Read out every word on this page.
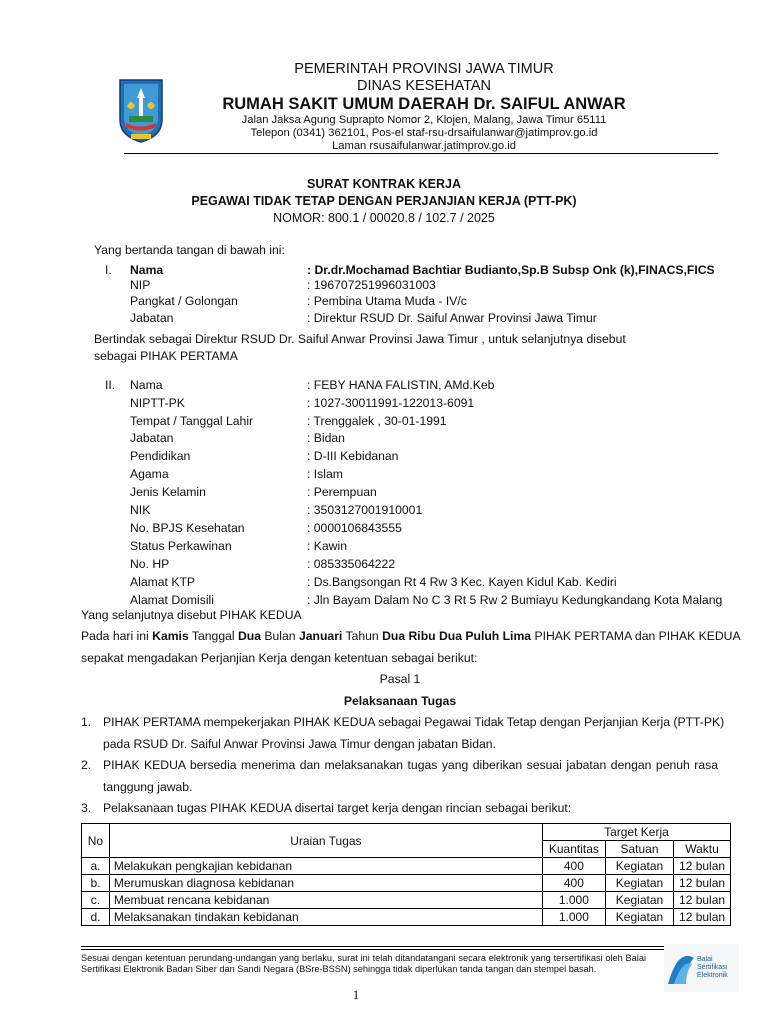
PEMERINTAH PROVINSI JAWA TIMUR
DINAS KESEHATAN
RUMAH SAKIT UMUM DAERAH Dr. SAIFUL ANWAR
Jalan Jaksa Agung Suprapto Nomor 2, Klojen, Malang, Jawa Timur 65111
Telepon (0341) 362101, Pos-el staf-rsu-drsaifulanwar@jatimprov.go.id
Laman rsusaifulanwar.jatimprov.go.id
SURAT KONTRAK KERJA
PEGAWAI TIDAK TETAP DENGAN PERJANJIAN KERJA (PTT-PK)
NOMOR: 800.1 / 00020.8 / 102.7 / 2025
Yang bertanda tangan di bawah ini:
I. Nama	: Dr.dr.Mochamad Bachtiar Budianto,Sp.B Subsp Onk (k),FINACS,FICS
NIP	: 196707251996031003
Pangkat / Golongan	: Pembina Utama Muda - IV/c
Jabatan	: Direktur RSUD Dr. Saiful Anwar Provinsi Jawa Timur
Bertindak sebagai Direktur RSUD Dr. Saiful Anwar Provinsi Jawa Timur , untuk selanjutnya disebut
sebagai PIHAK PERTAMA
II. Nama	: FEBY HANA FALISTIN, AMd.Keb
NIPTT-PK	: 1027-30011991-122013-6091
Tempat / Tanggal Lahir	: Trenggalek , 30-01-1991
Jabatan	: Bidan
Pendidikan	: D-III Kebidanan
Agama	: Islam
Jenis Kelamin	: Perempuan
NIK	: 3503127001910001
No. BPJS Kesehatan	: 0000106843555
Status Perkawinan	: Kawin
No. HP	: 085335064222
Alamat KTP	: Ds.Bangsongan Rt 4 Rw 3 Kec. Kayen Kidul Kab. Kediri
Alamat Domisili	: Jln Bayam Dalam No C 3 Rt 5 Rw 2 Bumiayu Kedungkandang Kota Malang
Yang selanjutnya disebut PIHAK KEDUA
Pada hari ini Kamis Tanggal Dua Bulan Januari Tahun Dua Ribu Dua Puluh Lima PIHAK PERTAMA dan PIHAK KEDUA
sepakat mengadakan Perjanjian Kerja dengan ketentuan sebagai berikut:
Pasal 1
Pelaksanaan Tugas
1. PIHAK PERTAMA mempekerjakan PIHAK KEDUA sebagai Pegawai Tidak Tetap dengan Perjanjian Kerja (PTT-PK)
pada RSUD Dr. Saiful Anwar Provinsi Jawa Timur dengan jabatan Bidan.
2. PIHAK KEDUA bersedia menerima dan melaksanakan tugas yang diberikan sesuai jabatan dengan penuh rasa
tanggung jawab.
3. Pelaksanaan tugas PIHAK KEDUA disertai target kerja dengan rincian sebagai berikut:
No	Uraian Tugas	Target Kerja		
		Kuantitas	Satuan	Waktu
a.	Melakukan pengkajian kebidanan	400	Kegiatan	12 bulan
b.	Merumuskan diagnosa kebidanan	400	Kegiatan	12 bulan
c.	Membuat rencana kebidanan	1.000	Kegiatan	12 bulan
d.	Melaksanakan tindakan kebidanan	1.000	Kegiatan	12 bulan
Sesuai dengan ketentuan perundang-undangan yang berlaku, surat ini telah ditandatangani secara elektronik yang tersertifikasi oleh Balai Sertifikasi Elektronik Badan Siber dan Sandi Negara (BSre-BSSN) sehingga tidak diperlukan tanda tangan dan stempel basah.
Balai
Sertifikasi
Elektronik
1
